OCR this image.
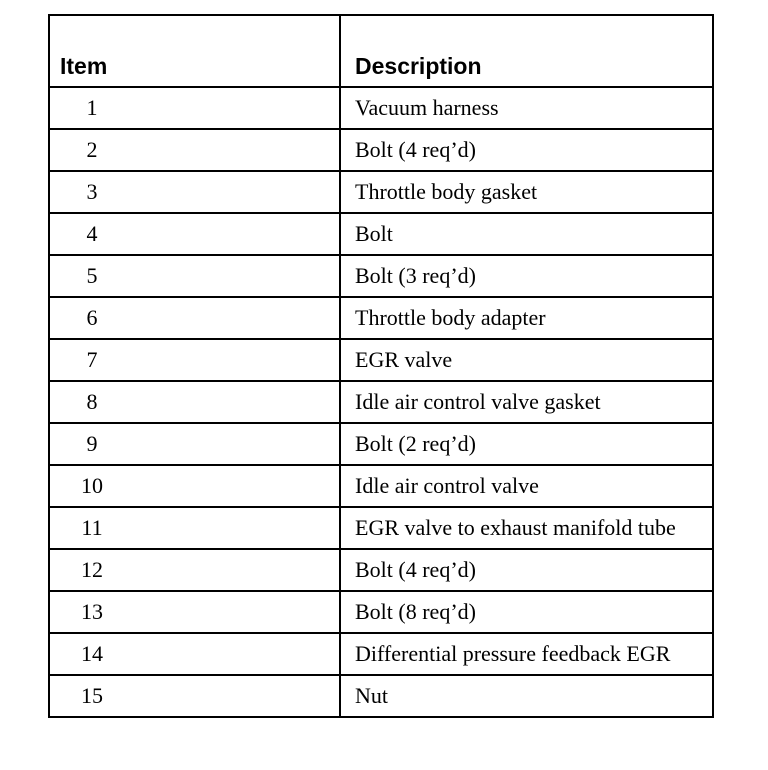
Item	Description
1	Vacuum harness
2	Bolt (4 req’d)
3	Throttle body gasket
4	Bolt
5	Bolt (3 req’d)
6	Throttle body adapter
7	EGR valve
8	Idle air control valve gasket
9	Bolt (2 req’d)
10	Idle air control valve
11	EGR valve to exhaust manifold tube
12	Bolt (4 req’d)
13	Bolt (8 req’d)
14	Differential pressure feedback EGR
15	Nut
